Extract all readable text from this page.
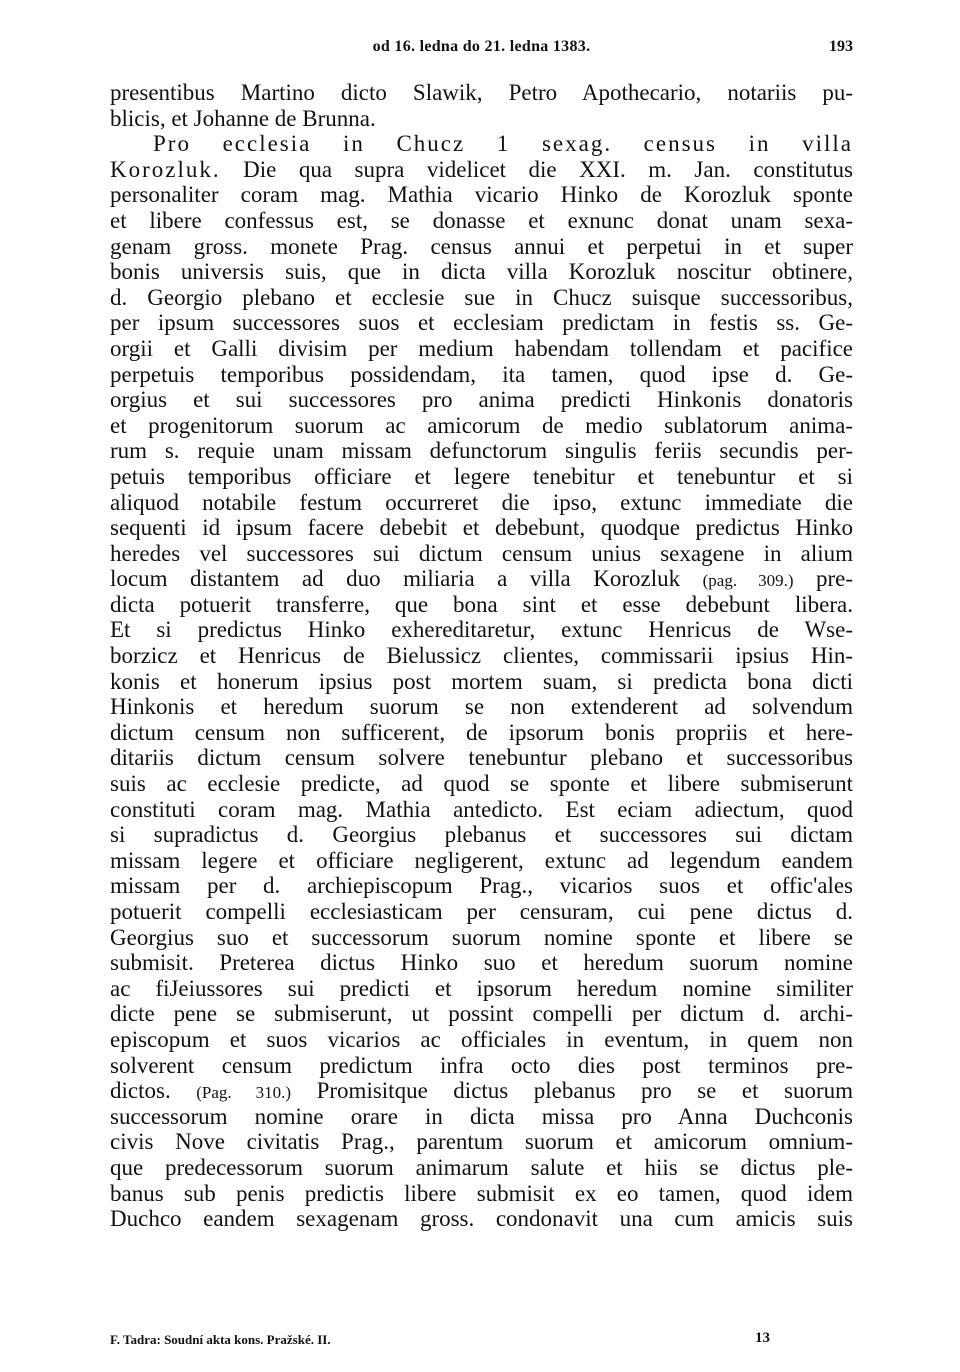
od 16. ledna do 21. ledna 1383.	193
presentibus Martino dicto Slawik, Petro Apothecario, notariis pu-
blicis, et Johanne de Brunna.
Pro ecclesia in Chucz 1 sexag. census in villa
Korozluk. Die qua supra videlicet die XXI. m. Jan. constitutus
personaliter coram mag. Mathia vicario Hinko de Korozluk sponte
et libere confessus est, se donasse et exnunc donat unam sexa-
genam gross. monete Prag. census annui et perpetui in et super
bonis universis suis, que in dicta villa Korozluk noscitur obtinere,
d. Georgio plebano et ecclesie sue in Chucz suisque successoribus,
per ipsum successores suos et ecclesiam predictam in festis ss. Ge-
orgii et Galli divisim per medium habendam tollendam et pacifice
perpetuis temporibus possidendam, ita tamen, quod ipse d. Ge-
orgius et sui successores pro anima predicti Hinkonis donatoris
et progenitorum suorum ac amicorum de medio sublatorum anima-
rum s. requie unam missam defunctorum singulis feriis secundis per-
petuis temporibus officiare et legere tenebitur et tenebuntur et si
aliquod notabile festum occurreret die ipso, extunc immediate die
sequenti id ipsum facere debebit et debebunt, quodque predictus Hinko
heredes vel successores sui dictum censum unius sexagene in alium
locum distantem ad duo miliaria a villa Korozluk (pag. 309.) pre-
dicta potuerit transferre, que bona sint et esse debebunt libera.
Et si predictus Hinko exhereditaretur, extunc Henricus de Wse-
borzicz et Henricus de Bielussicz clientes, commissarii ipsius Hin-
konis et honerum ipsius post mortem suam, si predicta bona dicti
Hinkonis et heredum suorum se non extenderent ad solvendum
dictum censum non sufficerent, de ipsorum bonis propriis et here-
ditariis dictum censum solvere tenebuntur plebano et successoribus
suis ac ecclesie predicte, ad quod se sponte et libere submiserunt
constituti coram mag. Mathia antedicto. Est eciam adiectum, quod
si supradictus d. Georgius plebanus et successores sui dictam
missam legere et officiare negligerent, extunc ad legendum eandem
missam per d. archiepiscopum Prag., vicarios suos et offic'ales
potuerit compelli ecclesiasticam per censuram, cui pene dictus d.
Georgius suo et successorum suorum nomine sponte et libere se
submisit. Preterea dictus Hinko suo et heredum suorum nomine
ac fiJeiussores sui predicti et ipsorum heredum nomine similiter
dicte pene se submiserunt, ut possint compelli per dictum d. archi-
episcopum et suos vicarios ac officiales in eventum, in quem non
solverent censum predictum infra octo dies post terminos pre-
dictos. (Pag. 310.) Promisitque dictus plebanus pro se et suorum
successorum nomine orare in dicta missa pro Anna Duchconis
civis Nove civitatis Prag., parentum suorum et amicorum omnium-
que predecessorum suorum animarum salute et hiis se dictus ple-
banus sub penis predictis libere submisit ex eo tamen, quod idem
Duchco eandem sexagenam gross. condonavit una cum amicis suis
F. Tadra: Soudní akta kons. Pražské. II.	13
